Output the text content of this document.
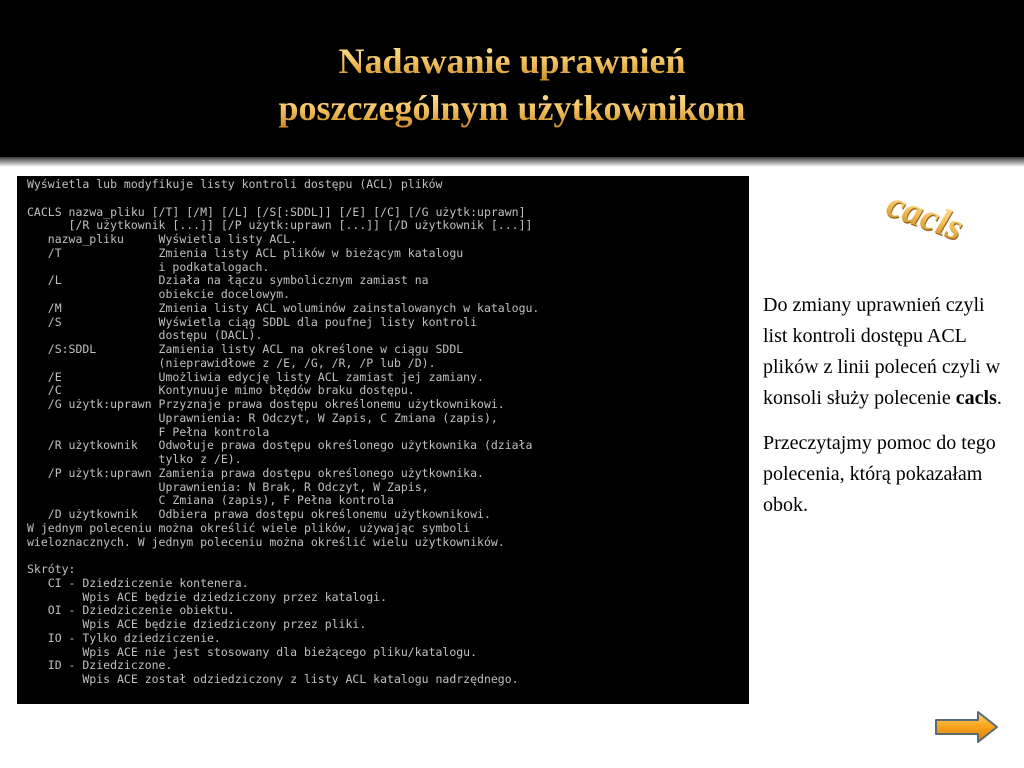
Nadawanie uprawnień
poszczególnym użytkownikom
Wyświetla lub modyfikuje listy kontroli dostępu (ACL) plików

CACLS nazwa_pliku [/T] [/M] [/L] [/S[:SDDL]] [/E] [/C] [/G użytk:uprawn]
[/R użytkownik [...]] [/P użytk:uprawn [...]] [/D użytkownik [...]]
nazwa_pliku     Wyświetla listy ACL.
/T              Zmienia listy ACL plików w bieżącym katalogu
i podkatalogach.
/L              Działa na łączu symbolicznym zamiast na
obiekcie docelowym.
/M              Zmienia listy ACL woluminów zainstalowanych w katalogu.
/S              Wyświetla ciąg SDDL dla poufnej listy kontroli
dostępu (DACL).
/S:SDDL         Zamienia listy ACL na określone w ciągu SDDL
(nieprawidłowe z /E, /G, /R, /P lub /D).
/E              Umożliwia edycję listy ACL zamiast jej zamiany.
/C              Kontynuuje mimo błędów braku dostępu.
/G użytk:uprawn Przyznaje prawa dostępu określonemu użytkownikowi.
Uprawnienia: R Odczyt, W Zapis, C Zmiana (zapis),
F Pełna kontrola
/R użytkownik   Odwołuje prawa dostępu określonego użytkownika (działa
tylko z /E).
/P użytk:uprawn Zamienia prawa dostępu określonego użytkownika.
Uprawnienia: N Brak, R Odczyt, W Zapis,
C Zmiana (zapis), F Pełna kontrola
/D użytkownik   Odbiera prawa dostępu określonemu użytkownikowi.
W jednym poleceniu można określić wiele plików, używając symboli
wieloznacznych. W jednym poleceniu można określić wielu użytkowników.

Skróty:
CI - Dziedziczenie kontenera.
Wpis ACE będzie dziedziczony przez katalogi.
OI - Dziedziczenie obiektu.
Wpis ACE będzie dziedziczony przez pliki.
IO - Tylko dziedziczenie.
Wpis ACE nie jest stosowany dla bieżącego pliku/katalogu.
ID - Dziedziczone.
Wpis ACE został odziedziczony z listy ACL katalogu nadrzędnego.

cacls

Do zmiany uprawnień czyli list kontroli dostępu ACL plików z linii poleceń czyli w konsoli służy polecenie cacls.

Przeczytajmy pomoc do tego polecenia, którą pokazałam obok.
